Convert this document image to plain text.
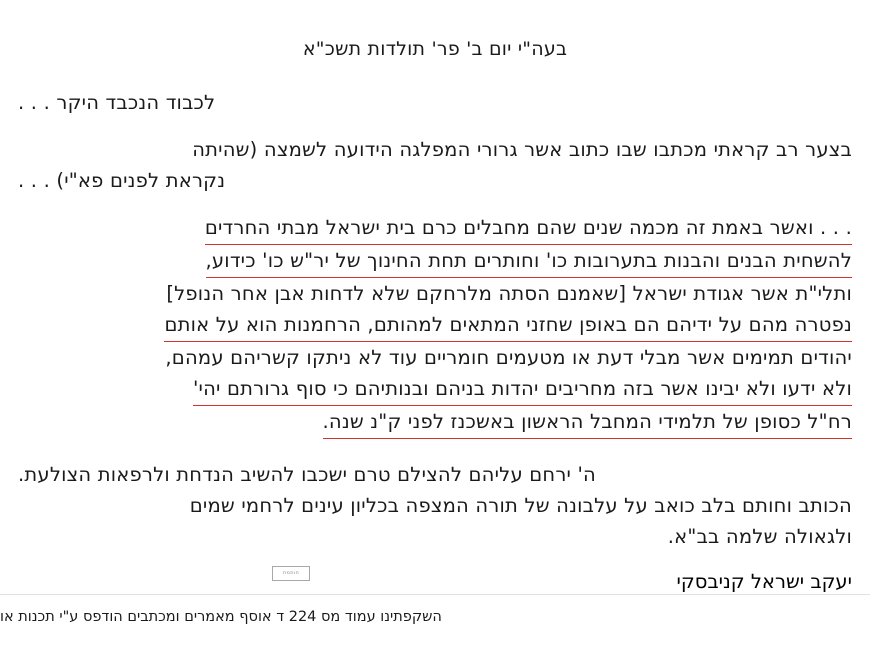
בעה"י יום ב' פר' תולדות תשכ"א
לכבוד הנכבד היקר . . .
בצער רב קראתי מכתבו שבו כתוב אשר גרורי המפלגה הידועה לשמצה (שהיתה
נקראת לפנים פא"י) . . .
. . . ואשר באמת זה מכמה שנים שהם מחבלים כרם בית ישראל מבתי החרדים
להשחית הבנים והבנות בתערובות כו' וחותרים תחת החינוך של יר"ש כו' כידוע,
ותלי"ת אשר אגודת ישראל [שאמנם הסתה מלרחקם שלא לדחות אבן אחר הנופל]
נפטרה מהם על ידיהם הם באופן שחזני המתאים למהותם, הרחמנות הוא על אותם
יהודים תמימים אשר מבלי דעת או מטעמים חומריים עוד לא ניתקו קשריהם עמהם,
ולא ידעו ולא יבינו אשר בזה מחריבים יהדות בניהם ובנותיהם כי סוף גרורתם יהי'
רח"ל כסופן של תלמידי המחבל הראשון באשכנז לפני ק"נ שנה.
ה' ירחם עליהם להצילם טרם ישכבו להשיב הנדחת ולרפאות הצולעת.
הכותב וחותם בלב כואב על עלבונה של תורה המצפה בכליון עינים לרחמי שמים
ולגאולה שלמה בב"א.
יעקב ישראל קניבסקי
חותמת
השקפתינו עמוד מס 224 ד אוסף מאמרים ומכתבים הודפס ע"י תכנות או
